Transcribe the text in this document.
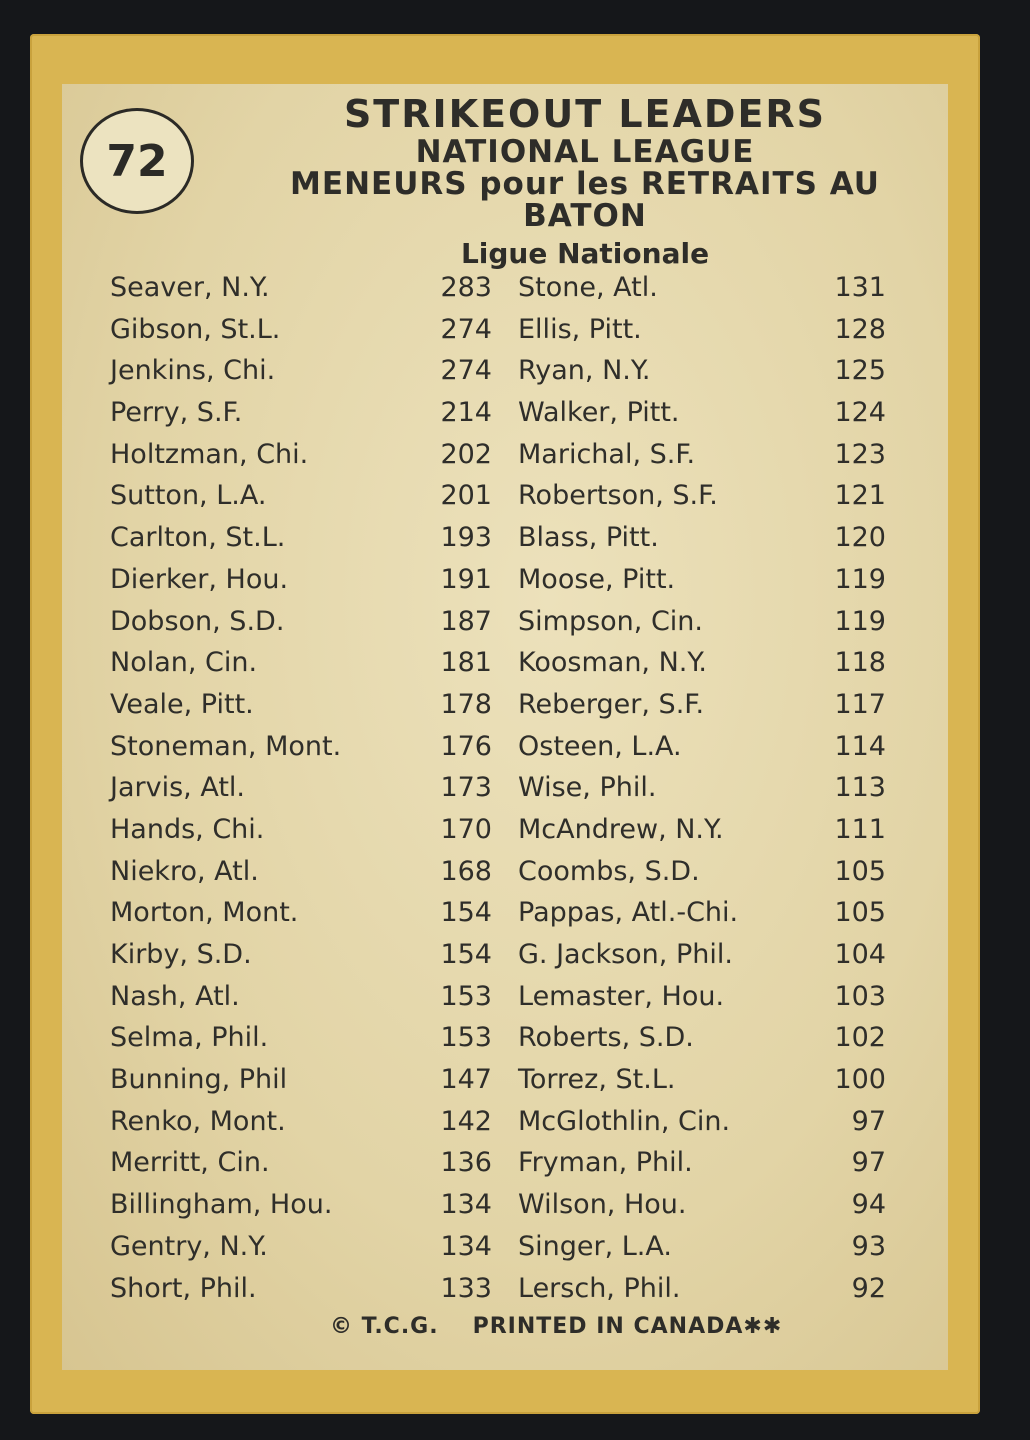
72
STRIKEOUT LEADERS
NATIONAL LEAGUE
MENEURS pour les RETRAITS AU
BATON
Ligue Nationale
Seaver, N.Y.	283 Stone, Atl.	131
Gibson, St.L.	274 Ellis, Pitt.	128
Jenkins, Chi.	274 Ryan, N.Y.	125
Perry, S.F.	214 Walker, Pitt.	124
Holtzman, Chi.	202 Marichal, S.F.	123
Sutton, L.A.	201 Robertson, S.F.	121
Carlton, St.L.	193 Blass, Pitt.	120
Dierker, Hou.	191 Moose, Pitt.	119
Dobson, S.D.	187 Simpson, Cin.	119
Nolan, Cin.	181 Koosman, N.Y.	118
Veale, Pitt.	178 Reberger, S.F.	117
Stoneman, Mont.	176 Osteen, L.A.	114
Jarvis, Atl.	173 Wise, Phil.	113
Hands, Chi.	170 McAndrew, N.Y.	111
Niekro, Atl.	168 Coombs, S.D.	105
Morton, Mont.	154 Pappas, Atl.-Chi.	105
Kirby, S.D.	154 G. Jackson, Phil.	104
Nash, Atl.	153 Lemaster, Hou.	103
Selma, Phil.	153 Roberts, S.D.	102
Bunning, Phil	147 Torrez, St.L.	100
Renko, Mont.	142 McGlothlin, Cin.	97
Merritt, Cin.	136 Fryman, Phil.	97
Billingham, Hou.	134 Wilson, Hou.	94
Gentry, N.Y.	134 Singer, L.A.	93
Short, Phil.	133 Lersch, Phil.	92
© T.C.G. PRINTED IN CANADA✱✱
